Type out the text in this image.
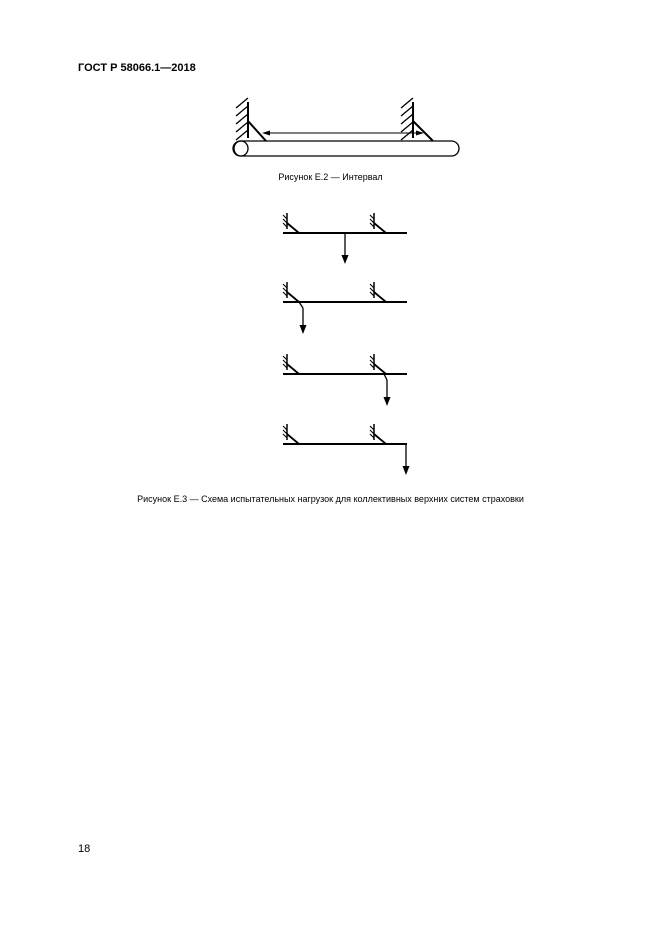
ГОСТ Р 58066.1—2018
Рисунок Е.2 — Интервал
Рисунок Е.3 — Схема испытательных нагрузок для коллективных верхних систем страховки
18
